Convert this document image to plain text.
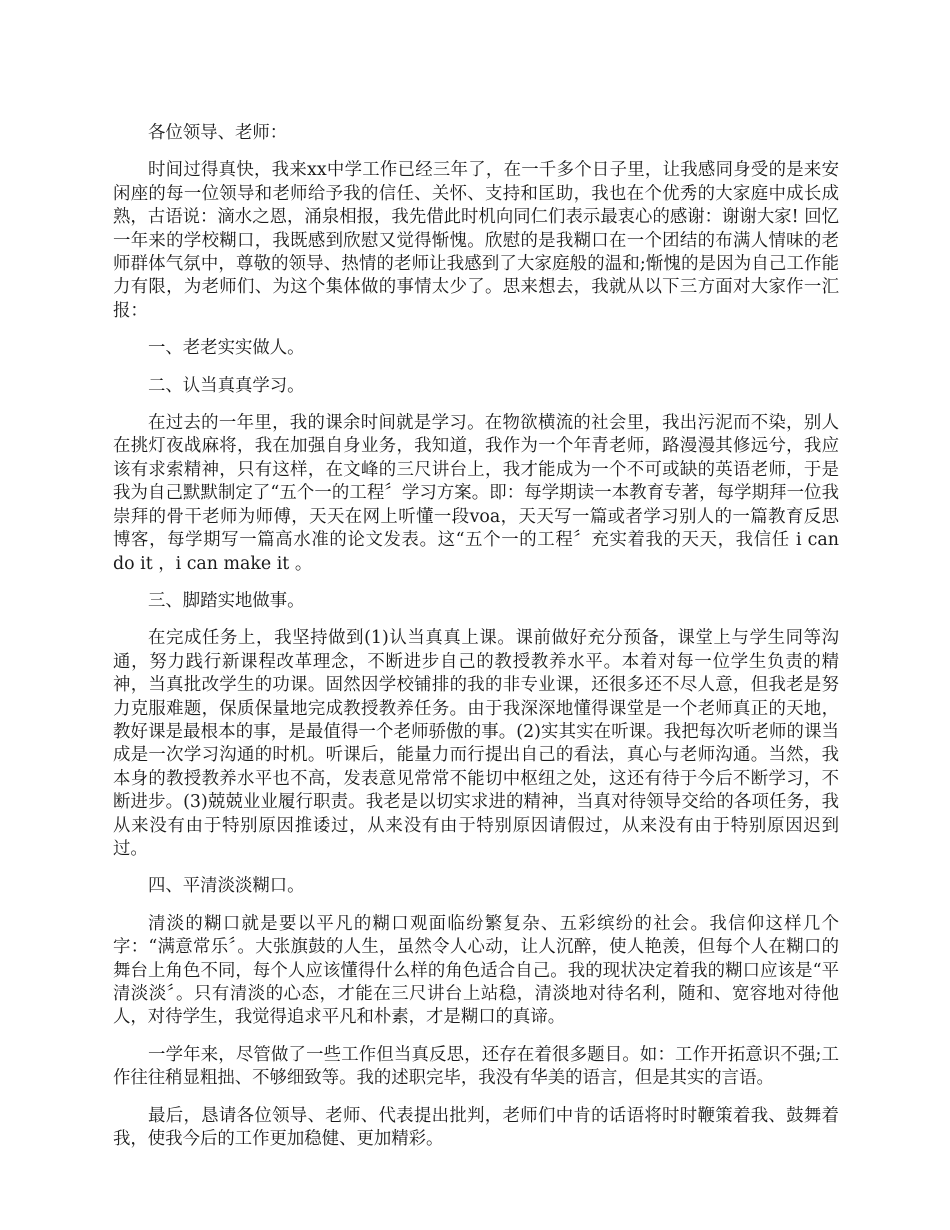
各位领导、老师：

时间过得真快，我来xx中学工作已经三年了，在一千多个日子里，让我感同身受的是来安闲座的每一位领导和老师给予我的信任、关怀、支持和匡助，我也在个优秀的大家庭中成长成熟，古语说：滴水之恩，涌泉相报，我先借此时机向同仁们表示最衷心的感谢：谢谢大家! 回忆一年来的学校糊口，我既感到欣慰又觉得惭愧。欣慰的是我糊口在一个团结的布满人情味的老师群体气氛中，尊敬的领导、热情的老师让我感到了大家庭般的温和;惭愧的是因为自己工作能力有限，为老师们、为这个集体做的事情太少了。思来想去，我就从以下三方面对大家作一汇报：

一、老老实实做人。

二、认当真真学习。

在过去的一年里，我的课余时间就是学习。在物欲横流的社会里，我出污泥而不染，别人在挑灯夜战麻将，我在加强自身业务，我知道，我作为一个年青老师，路漫漫其修远兮，我应该有求索精神，只有这样，在文峰的三尺讲台上，我才能成为一个不可或缺的英语老师，于是我为自己默默制定了“五个一的工程〞学习方案。即：每学期读一本教育专著，每学期拜一位我崇拜的骨干老师为师傅，天天在网上听懂一段voa，天天写一篇或者学习别人的一篇教育反思博客，每学期写一篇高水准的论文发表。这“五个一的工程〞充实着我的天天，我信任 i can do it ，i can make it 。

三、脚踏实地做事。

在完成任务上，我坚持做到(1)认当真真上课。课前做好充分预备，课堂上与学生同等沟通，努力践行新课程改革理念，不断进步自己的教授教养水平。本着对每一位学生负责的精神，当真批改学生的功课。固然因学校铺排的我的非专业课，还很多还不尽人意，但我老是努力克服难题，保质保量地完成教授教养任务。由于我深深地懂得课堂是一个老师真正的天地，教好课是最根本的事，是最值得一个老师骄傲的事。(2)实其实在听课。我把每次听老师的课当成是一次学习沟通的时机。听课后，能量力而行提出自己的看法，真心与老师沟通。当然，我本身的教授教养水平也不高，发表意见常常不能切中枢纽之处，这还有待于今后不断学习，不断进步。(3)兢兢业业履行职责。我老是以切实求进的精神，当真对待领导交给的各项任务，我从来没有由于特别原因推诿过，从来没有由于特别原因请假过，从来没有由于特别原因迟到过。

四、平清淡淡糊口。

清淡的糊口就是要以平凡的糊口观面临纷繁复杂、五彩缤纷的社会。我信仰这样几个字：“满意常乐〞。大张旗鼓的人生，虽然令人心动，让人沉醉，使人艳羡，但每个人在糊口的舞台上角色不同，每个人应该懂得什么样的角色适合自己。我的现状决定着我的糊口应该是“平清淡淡〞。只有清淡的心态，才能在三尺讲台上站稳，清淡地对待名利，随和、宽容地对待他人，对待学生，我觉得追求平凡和朴素，才是糊口的真谛。

一学年来，尽管做了一些工作但当真反思，还存在着很多题目。如：工作开拓意识不强;工作往往稍显粗拙、不够细致等。我的述职完毕，我没有华美的语言，但是其实的言语。

最后，恳请各位领导、老师、代表提出批判，老师们中肯的话语将时时鞭策着我、鼓舞着我，使我今后的工作更加稳健、更加精彩。
